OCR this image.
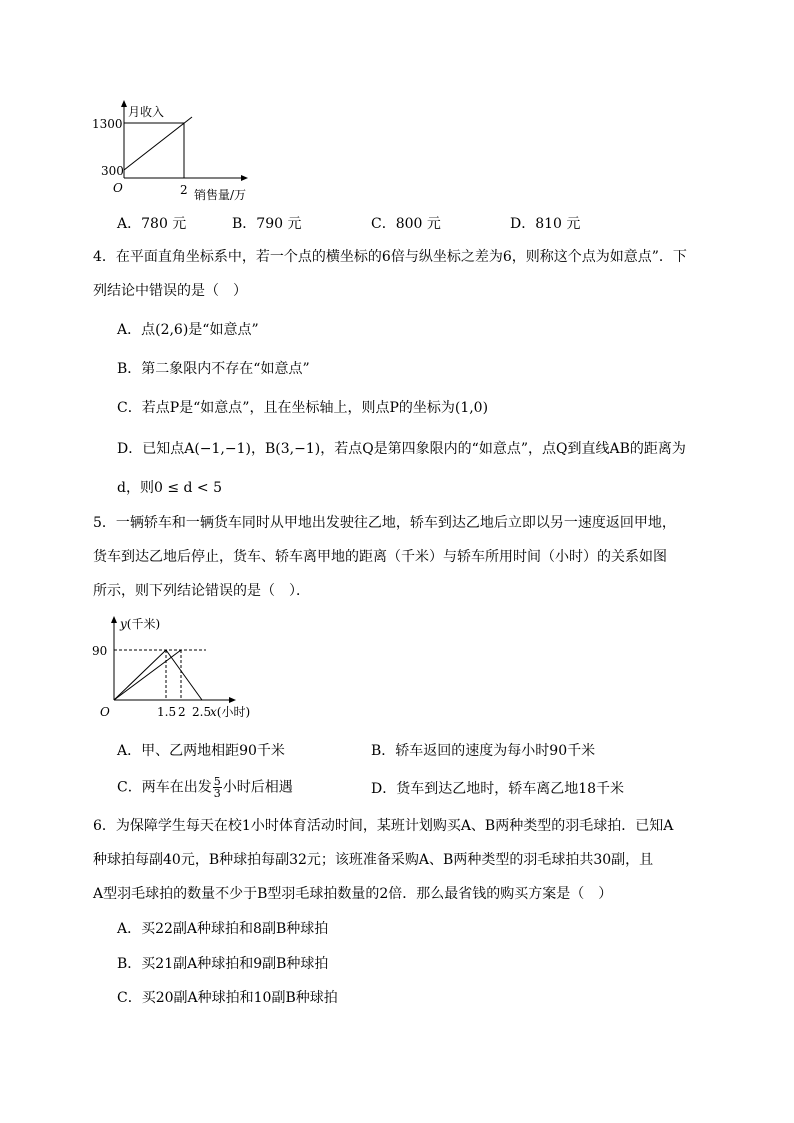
月收入
1300
300
O	2 销售量/万
A．780 元	B．790 元	C．800 元	D．810 元
4．在平面直角坐标系中，若一个点的横坐标的6倍与纵坐标之差为6，则称这个点为如意点”．下
列结论中错误的是（　）
A．点(2,6)是“如意点”
B．第二象限内不存在“如意点”
C．若点P是“如意点”，且在坐标轴上，则点P的坐标为(1,0)
D．已知点A(−1,−1)，B(3,−1)，若点Q是第四象限内的“如意点”，点Q到直线AB的距离为
d，则0 ≤ d < 5
5．一辆轿车和一辆货车同时从甲地出发驶往乙地，轿车到达乙地后立即以另一速度返回甲地，
货车到达乙地后停止，货车、轿车离甲地的距离（千米）与轿车所用时间（小时）的关系如图
所示，则下列结论错误的是（　）．
y(千米)
90
O	1.5 2 2.5
x(小时)
A．甲、乙两地相距90千米	B．轿车返回的速度为每小时90千米
C．两车在出发 $\frac{5}{3}$ 小时后相遇	D．货车到达乙地时，轿车离乙地18千米
6．为保障学生每天在校1小时体育活动时间，某班计划购买A、B两种类型的羽毛球拍．已知A
种球拍每副40元，B种球拍每副32元；该班准备采购A、B两种类型的羽毛球拍共30副，且
A型羽毛球拍的数量不少于B型羽毛球拍数量的2倍．那么最省钱的购买方案是（　）
A．买22副A种球拍和8副B种球拍
B．买21副A种球拍和9副B种球拍
C．买20副A种球拍和10副B种球拍
